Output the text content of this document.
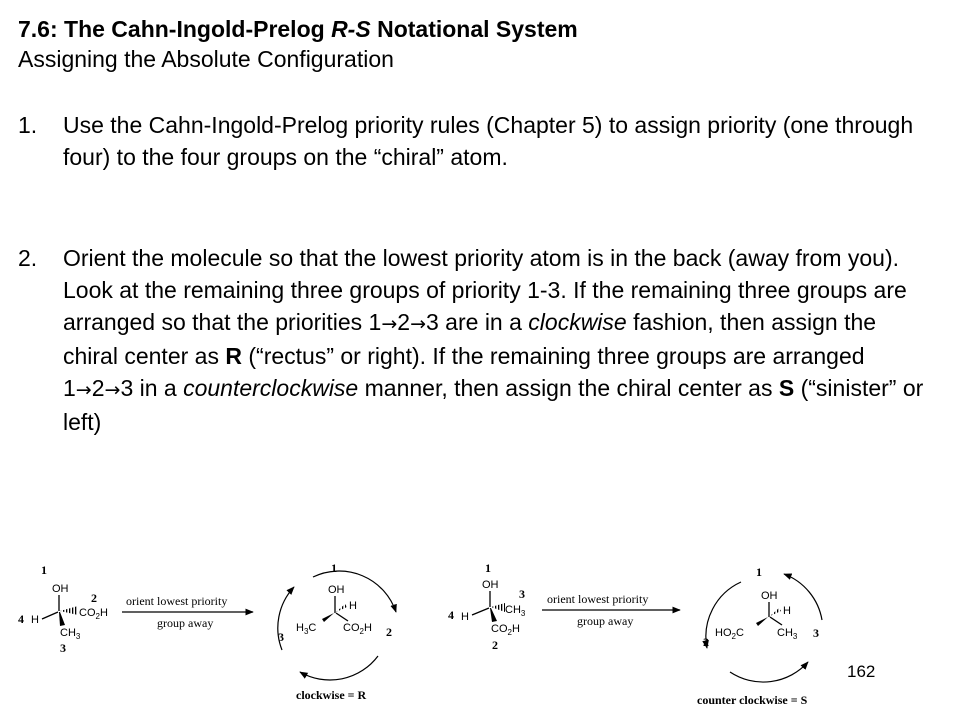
7.6: The Cahn-Ingold-Prelog R-S Notational System
Assigning the Absolute Configuration
1. Use the Cahn-Ingold-Prelog priority rules (Chapter 5) to assign priority (one through four) to the four groups on the “chiral” atom.
2. Orient the molecule so that the lowest priority atom is in the back (away from you). Look at the remaining three groups of priority 1-3. If the remaining three groups are arranged so that the priorities 1→2→3 are in a clockwise fashion, then assign the chiral center as R (“rectus” or right). If the remaining three groups are arranged 1→2→3 in a counterclockwise manner, then assign the chiral center as S (“sinister” or left)
1
OH
2
$CO_2H$
4 H
$CH_3$
3
orient lowest priority
group away
1
OH
H
$H_3C$ $CO_2H$
3	2
clockwise = R
1
OH
3
$CH_3$
4 H
$CO_2H$
2
orient lowest priority
group away
1
OH
H
$HO_2C$	$CH_3$
2
3
counter clockwise = S
162
